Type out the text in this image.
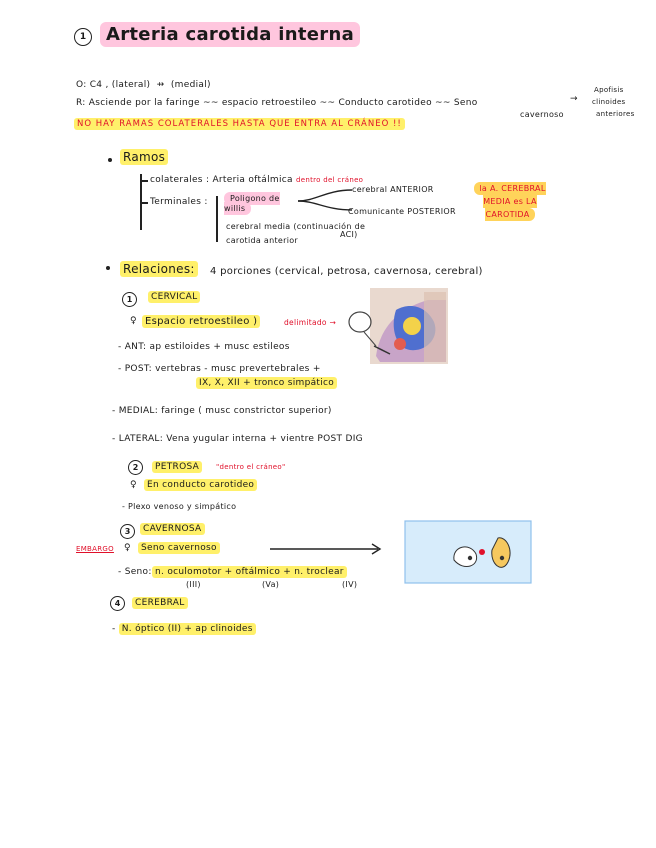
1	Arteria carotida interna
O: C4 , (lateral)  ⇸  (medial)
R: Asciende por la faringe ~~ espacio retroestileo ~~ Conducto carotideo ~~ Seno
cavernoso
→
Apofisis
clinoides
anteriores
NO HAY RAMAS COLATERALES HASTA QUE ENTRA AL CRÁNEO !!
Ramos
colaterales : Arteria oftálmica dentro del cráneo
Terminales :	Poligono de willis
cerebral ANTERIOR
Comunicante POSTERIOR
cerebral media (continuación de
carotida anterior
ACI)
la A. CEREBRAL MEDIA es LA CAROTIDA
Relaciones:	4 porciones (cervical, petrosa, cavernosa, cerebral)
1	CERVICAL
♀ Espacio retroestileo )	delimitado →
- ANT: ap estiloides + musc estileos
- POST: vertebras - musc prevertebrales +
IX, X, XII + tronco simpático
- MEDIAL: faringe ( musc constrictor superior)
- LATERAL: Vena yugular interna + vientre POST DIG
2	PETROSA	"dentro el cráneo"
♀	En conducto carotideo
- Plexo venoso y simpático
3	CAVERNOSA
EMBARGO ♀	Seno cavernoso
- Seno: n. oculomotor + oftálmico + n. troclear
(III)	(Va)	(IV)
4	CEREBRAL
- N. óptico (II) + ap clinoides
